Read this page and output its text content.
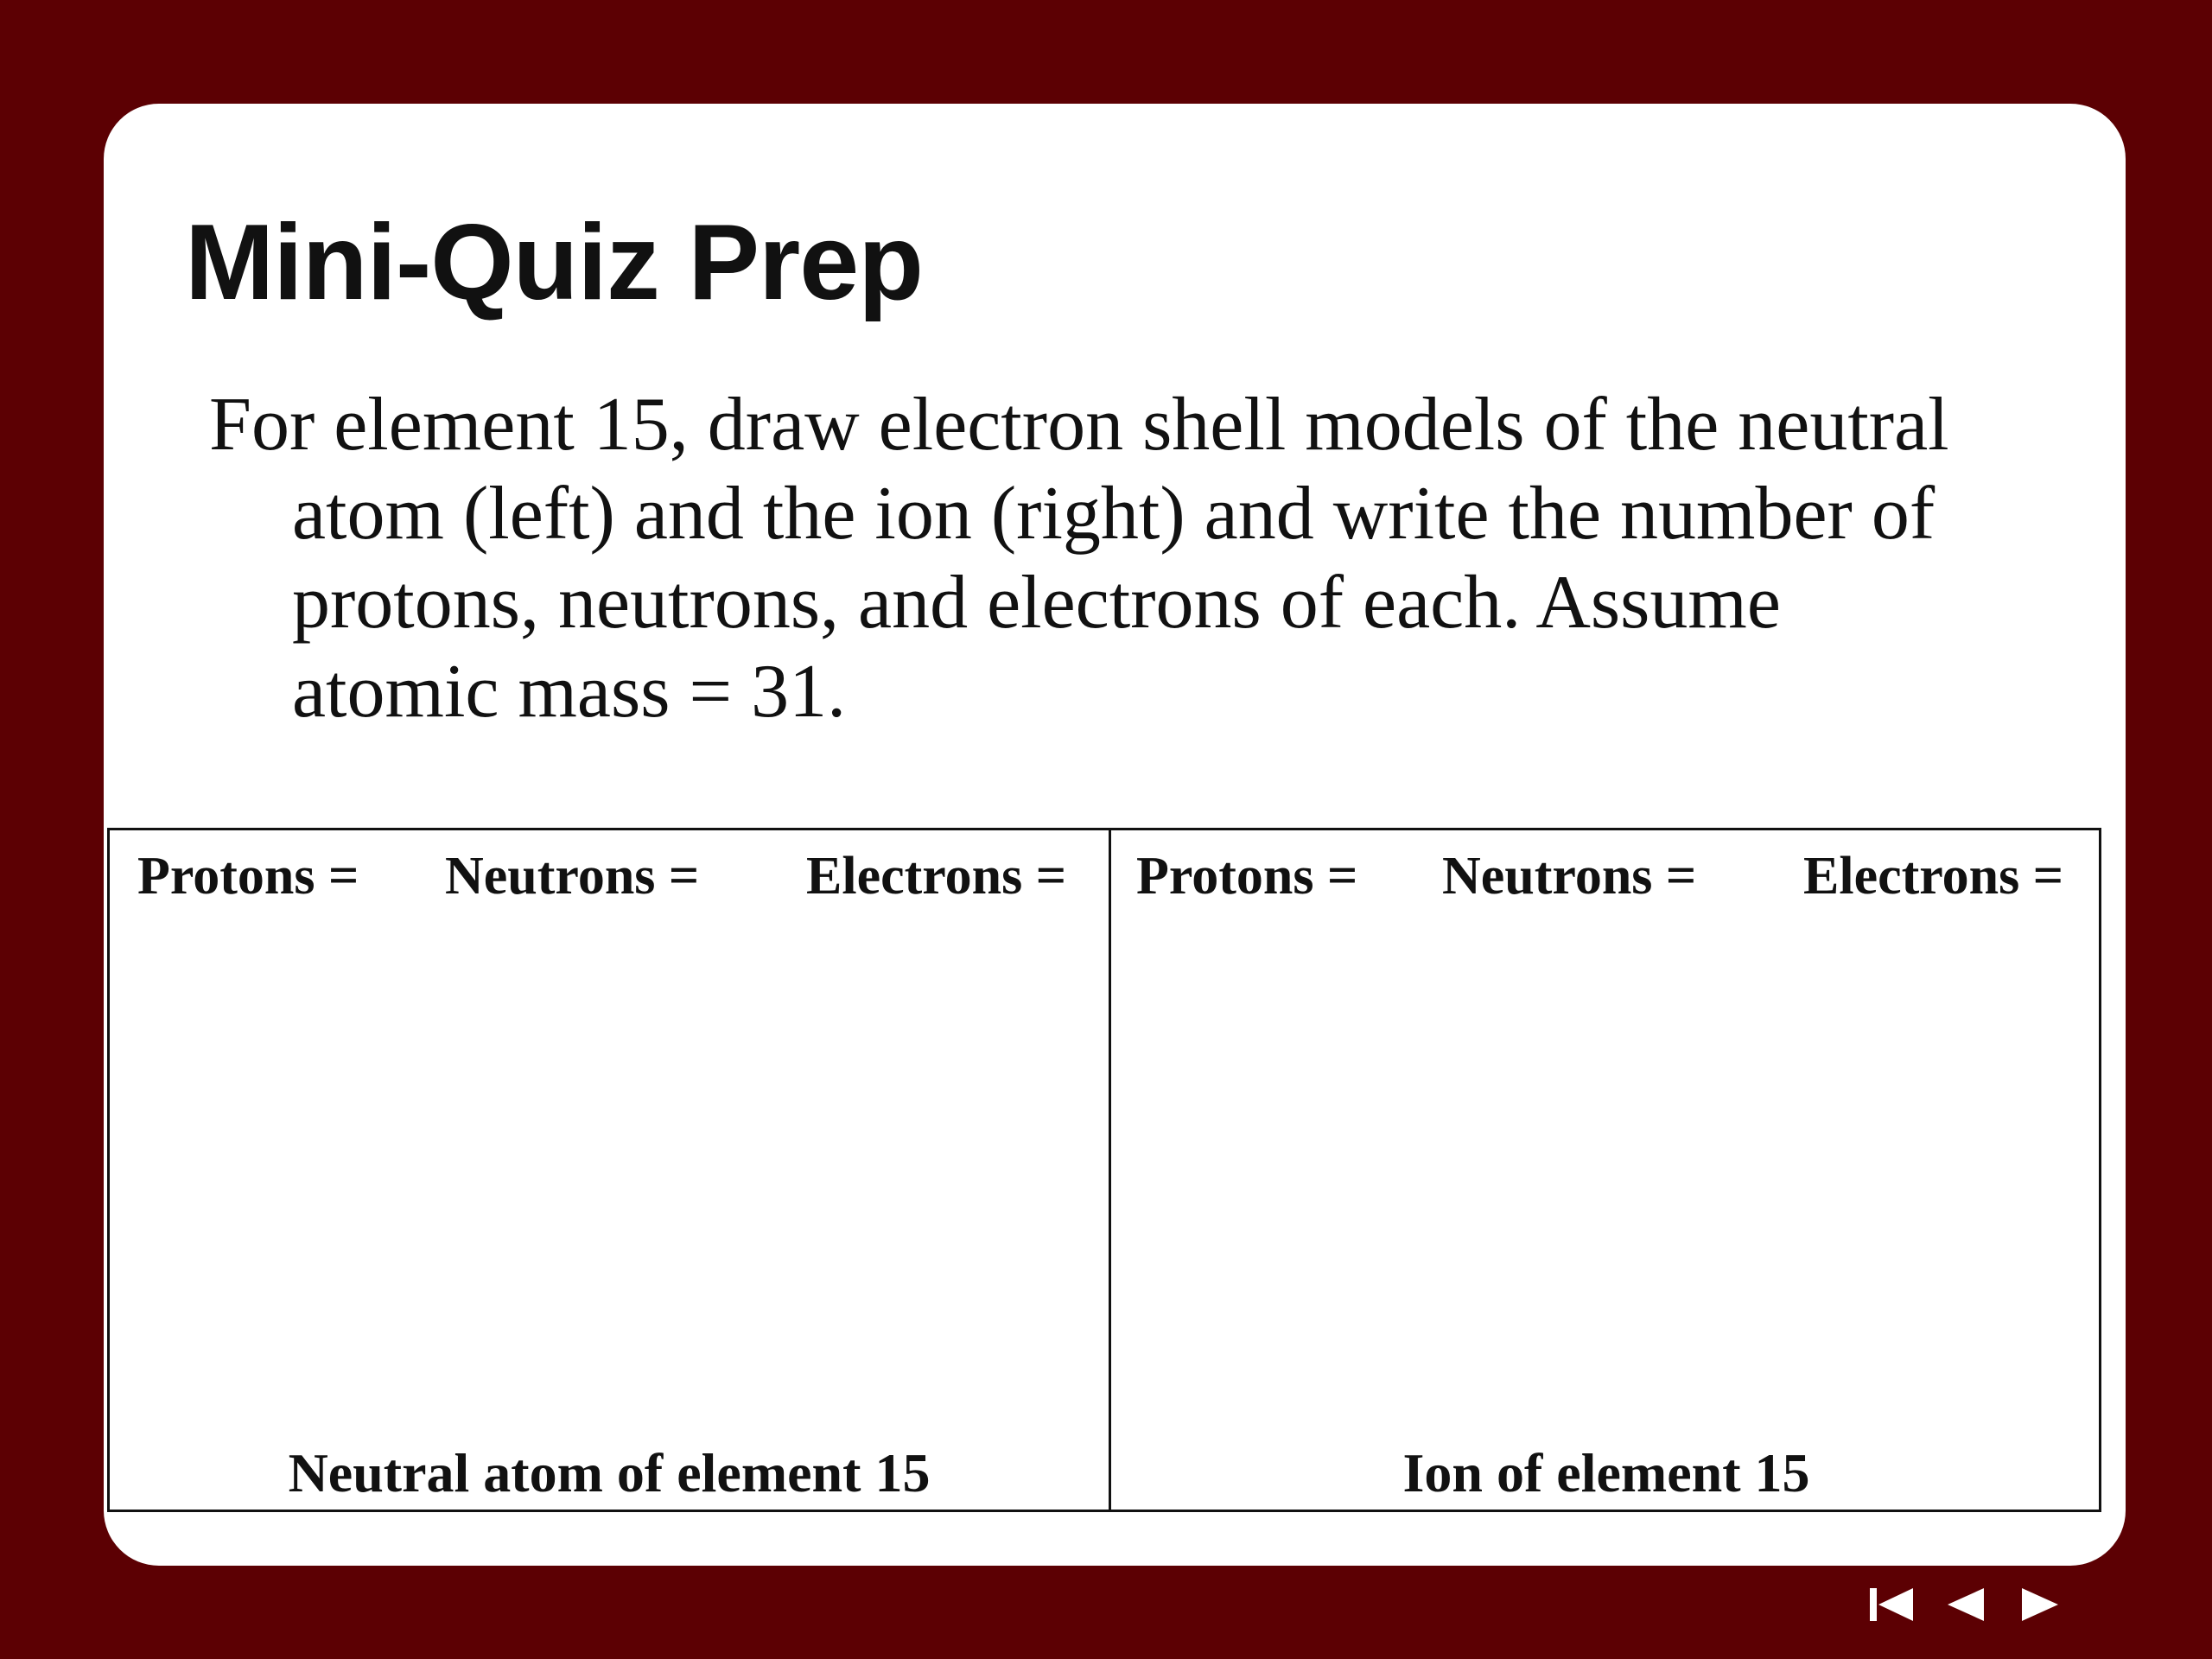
Mini-Quiz Prep
For element 15, draw electron shell models of the neutral
atom (left) and the ion (right) and write the number of
protons, neutrons, and electrons of each. Assume
atomic mass = 31.
Protons = Neutrons = Electrons =
Neutral atom of element 15
Protons = Neutrons = Electrons =
Ion of element 15
